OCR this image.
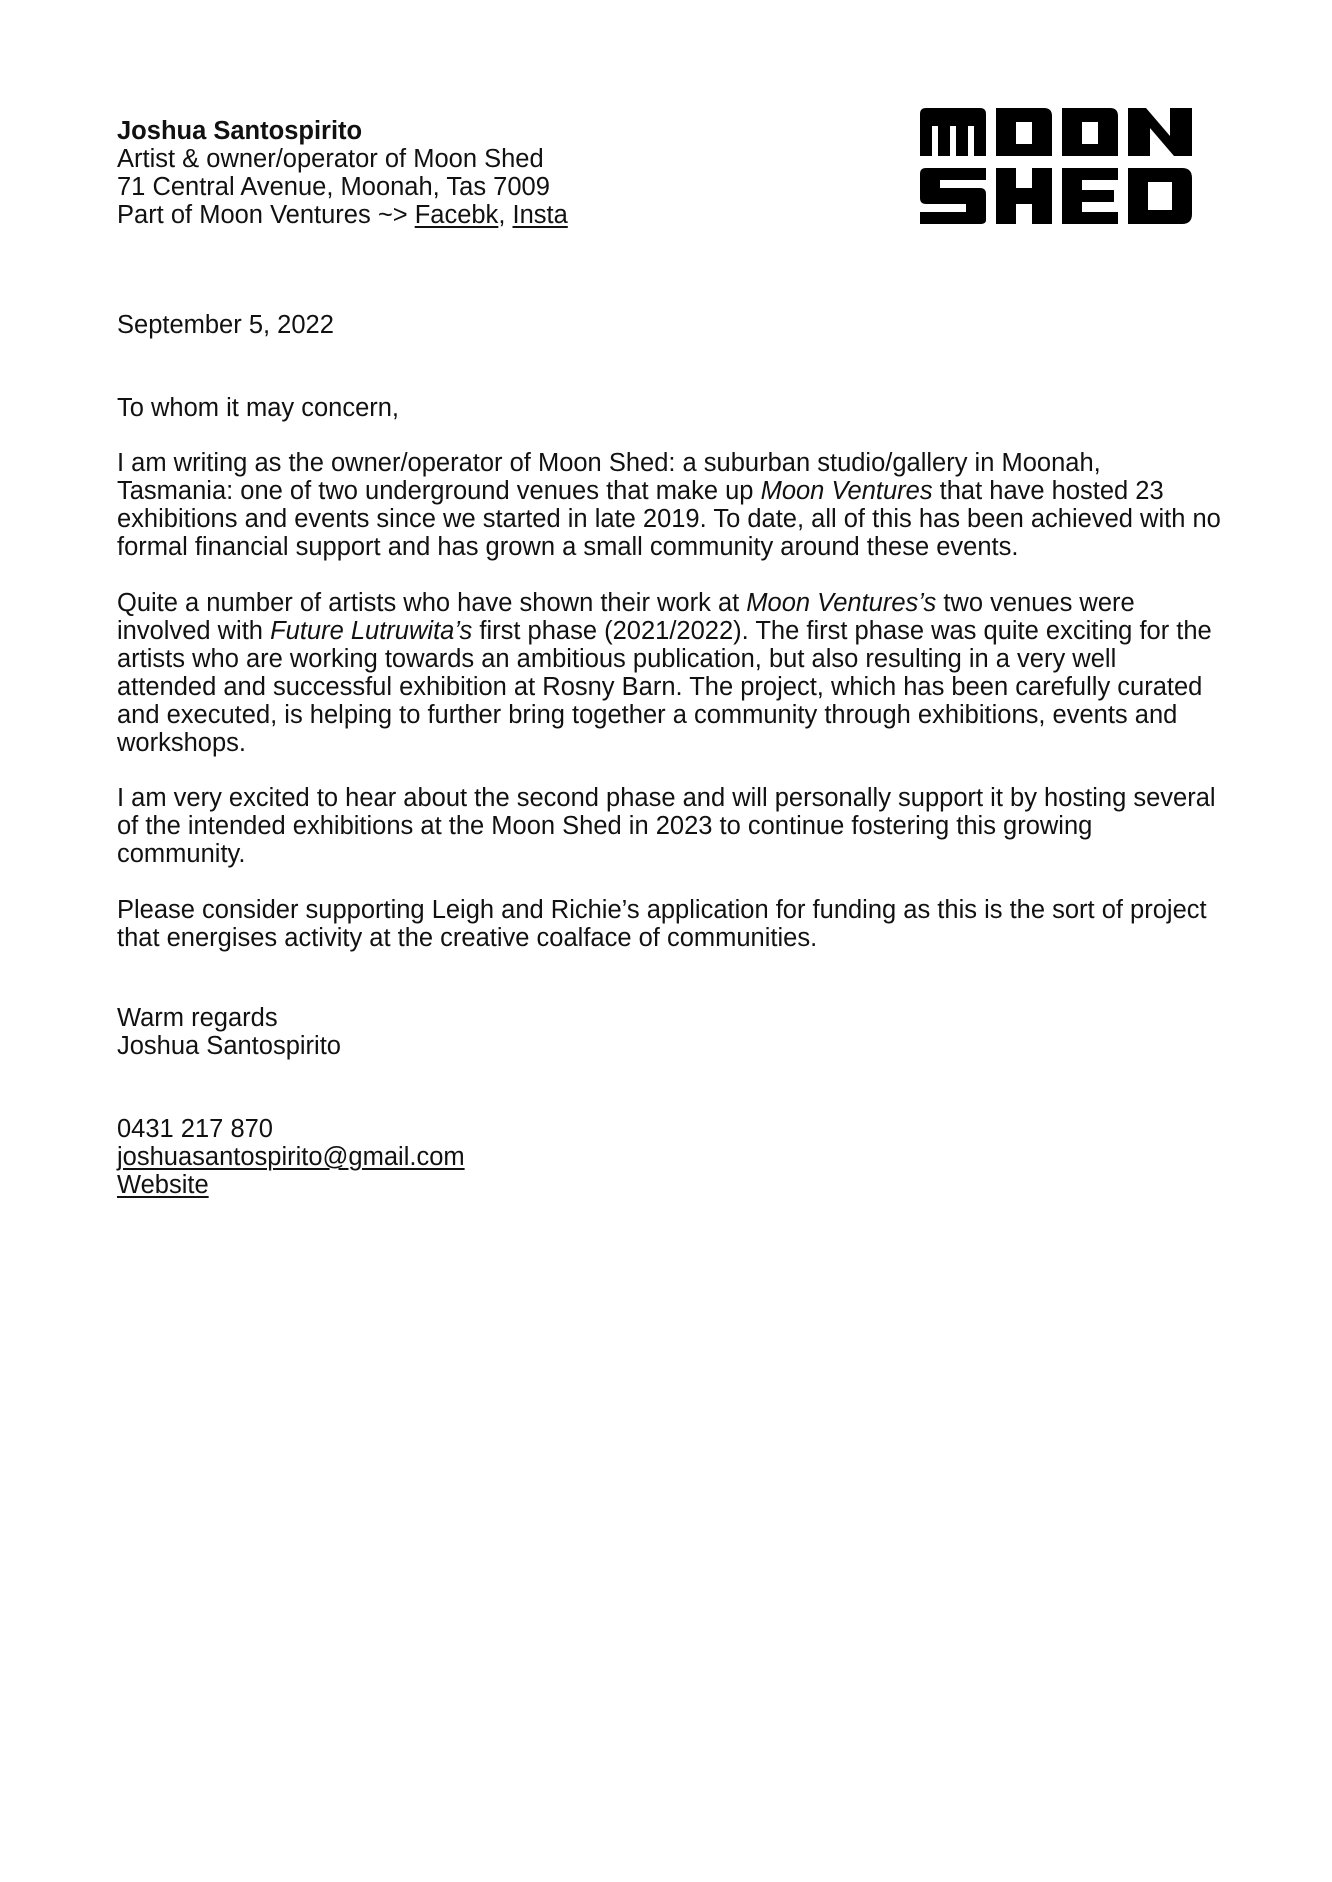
Joshua Santospirito
Artist & owner/operator of Moon Shed
71 Central Avenue, Moonah, Tas 7009
Part of Moon Ventures ~> Facebk, Insta
September 5, 2022
To whom it may concern,
I am writing as the owner/operator of Moon Shed: a suburban studio/gallery in Moonah,
Tasmania: one of two underground venues that make up Moon Ventures that have hosted 23
exhibitions and events since we started in late 2019. To date, all of this has been achieved with no
formal financial support and has grown a small community around these events.
Quite a number of artists who have shown their work at Moon Ventures’s two venues were
involved with Future Lutruwita’s first phase (2021/2022). The first phase was quite exciting for the
artists who are working towards an ambitious publication, but also resulting in a very well
attended and successful exhibition at Rosny Barn. The project, which has been carefully curated
and executed, is helping to further bring together a community through exhibitions, events and
workshops.
I am very excited to hear about the second phase and will personally support it by hosting several
of the intended exhibitions at the Moon Shed in 2023 to continue fostering this growing
community.
Please consider supporting Leigh and Richie’s application for funding as this is the sort of project
that energises activity at the creative coalface of communities.
Warm regards
Joshua Santospirito
0431 217 870
joshuasantospirito@gmail.com
Website
